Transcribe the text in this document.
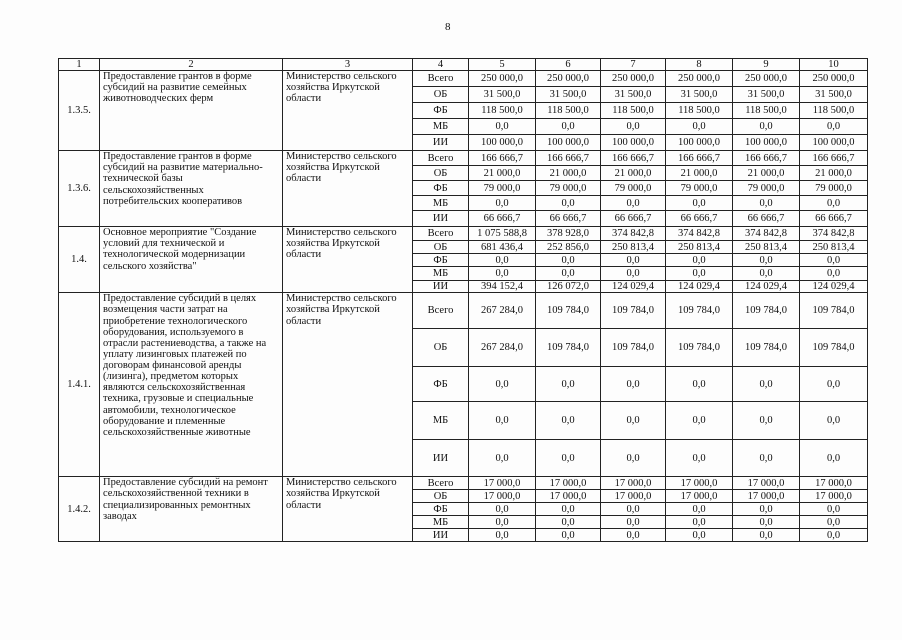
8
1	2	3	4	5	6	7	8	9	10
1.3.5.	Предоставление грантов в форме субсидий на развитие семейных животноводческих ферм	Министерство сельского хозяйства Иркутской области	Всего	250 000,0	250 000,0	250 000,0	250 000,0	250 000,0	250 000,0
			ОБ	31 500,0	31 500,0	31 500,0	31 500,0	31 500,0	31 500,0
			ФБ	118 500,0	118 500,0	118 500,0	118 500,0	118 500,0	118 500,0
			МБ	0,0	0,0	0,0	0,0	0,0	0,0
			ИИ	100 000,0	100 000,0	100 000,0	100 000,0	100 000,0	100 000,0
1.3.6.	Предоставление грантов в форме субсидий на развитие материально-технической базы сельскохозяйственных потребительских кооперативов	Министерство сельского хозяйства Иркутской области	Всего	166 666,7	166 666,7	166 666,7	166 666,7	166 666,7	166 666,7
			ОБ	21 000,0	21 000,0	21 000,0	21 000,0	21 000,0	21 000,0
			ФБ	79 000,0	79 000,0	79 000,0	79 000,0	79 000,0	79 000,0
			МБ	0,0	0,0	0,0	0,0	0,0	0,0
			ИИ	66 666,7	66 666,7	66 666,7	66 666,7	66 666,7	66 666,7
1.4.	Основное мероприятие "Создание условий для технической и технологической модернизации сельского хозяйства"	Министерство сельского хозяйства Иркутской области	Всего	1 075 588,8	378 928,0	374 842,8	374 842,8	374 842,8	374 842,8
			ОБ	681 436,4	252 856,0	250 813,4	250 813,4	250 813,4	250 813,4
			ФБ	0,0	0,0	0,0	0,0	0,0	0,0
			МБ	0,0	0,0	0,0	0,0	0,0	0,0
			ИИ	394 152,4	126 072,0	124 029,4	124 029,4	124 029,4	124 029,4
1.4.1.	Предоставление субсидий в целях возмещения части затрат на приобретение технологического оборудования, используемого в отрасли растениеводства, а также на уплату лизинговых платежей по договорам финансовой аренды (лизинга), предметом которых являются сельскохозяйственная техника, грузовые и специальные автомобили, технологическое оборудование и племенные сельскохозяйственные животные	Министерство сельского хозяйства Иркутской области	Всего	267 284,0	109 784,0	109 784,0	109 784,0	109 784,0	109 784,0
			ОБ	267 284,0	109 784,0	109 784,0	109 784,0	109 784,0	109 784,0
			ФБ	0,0	0,0	0,0	0,0	0,0	0,0
			МБ	0,0	0,0	0,0	0,0	0,0	0,0
			ИИ	0,0	0,0	0,0	0,0	0,0	0,0
1.4.2.	Предоставление субсидий на ремонт сельскохозяйственной техники в специализированных ремонтных заводах	Министерство сельского хозяйства Иркутской области	Всего	17 000,0	17 000,0	17 000,0	17 000,0	17 000,0	17 000,0
			ОБ	17 000,0	17 000,0	17 000,0	17 000,0	17 000,0	17 000,0
			ФБ	0,0	0,0	0,0	0,0	0,0	0,0
			МБ	0,0	0,0	0,0	0,0	0,0	0,0
			ИИ	0,0	0,0	0,0	0,0	0,0	0,0
